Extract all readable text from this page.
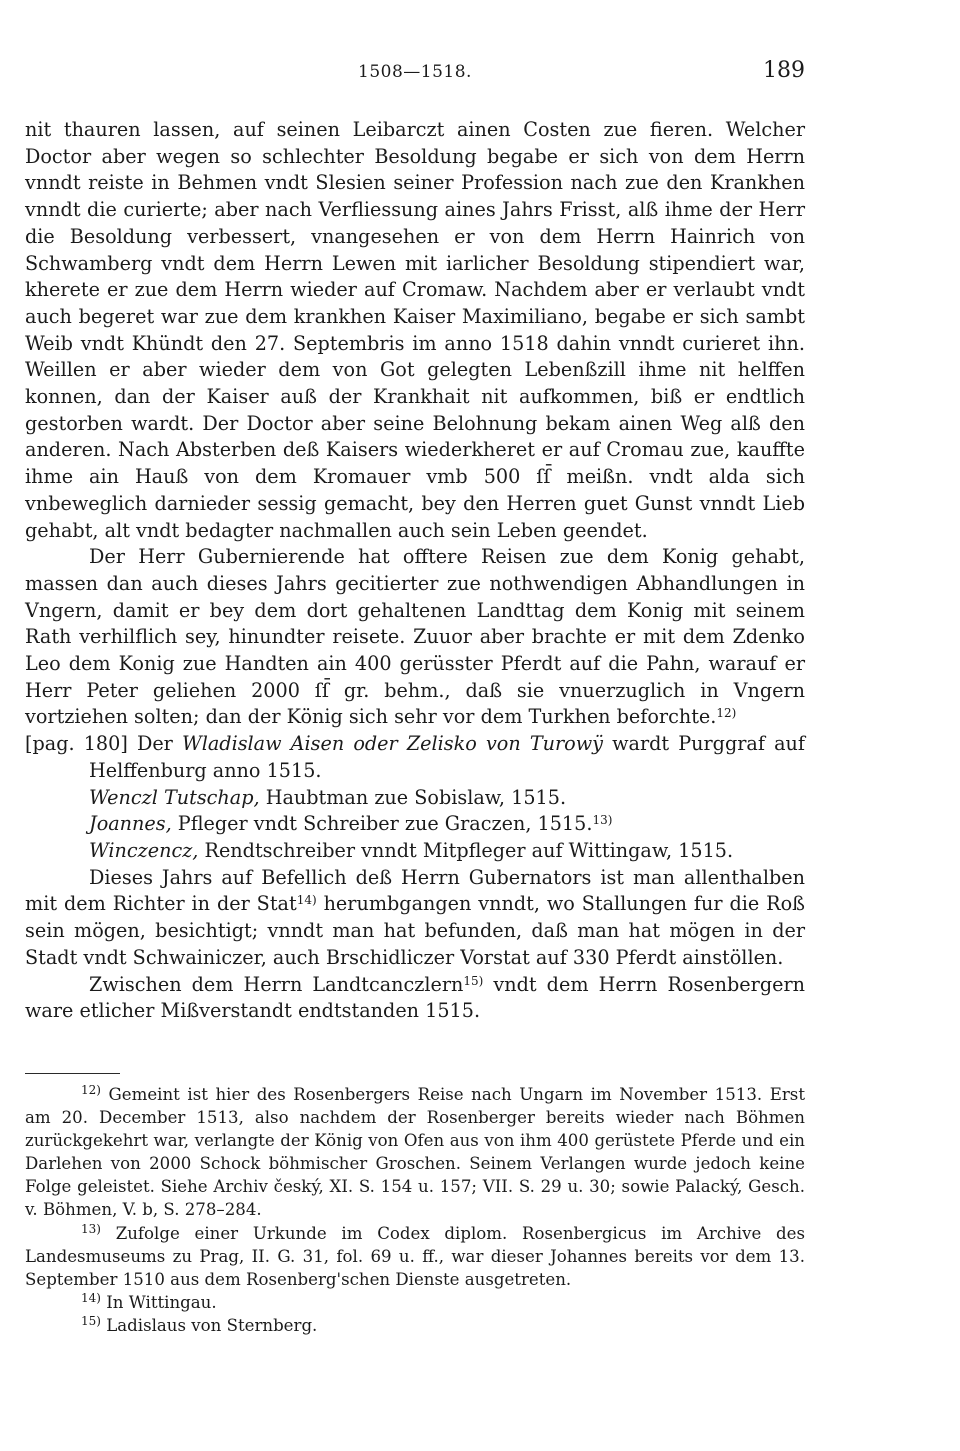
1508—1518.	189

nit thauren lassen, auf seinen Leibarczt ainen Costen zue fieren. Welcher Doctor aber wegen so schlechter Besoldung begabe er sich von dem Herrn vnndt reiste in Behmen vndt Slesien seiner Profession nach zue den Krankhen vnndt die curierte; aber nach Verfliessung aines Jahrs Frisst, alß ihme der Herr die Besoldung verbessert, vnangesehen er von dem Herrn Hainrich von Schwamberg vndt dem Herrn Lewen mit iarlicher Besoldung stipendiert war, kherete er zue dem Herrn wieder auf Cromaw. Nachdem aber er verlaubt vndt auch begeret war zue dem krankhen Kaiser Maximiliano, begabe er sich sambt Weib vndt Khündt den 27. Septembris im anno 1518 dahin vnndt curieret ihn. Weillen er aber wieder dem von Got gelegten Lebenßzill ihme nit helffen konnen, dan der Kaiser auß der Krankhait nit aufkommen, biß er endtlich gestorben wardt. Der Doctor aber seine Belohnung bekam ainen Weg alß den anderen. Nach Absterben deß Kaisers wiederkheret er auf Cromau zue, kauffte ihme ain Hauß von dem Kromauer vmb 500 ſſ̄ meißn. vndt alda sich vnbeweglich darnieder sessig gemacht, bey den Herren guet Gunst vnndt Lieb gehabt, alt vndt bedagter nachmallen auch sein Leben geendet.

Der Herr Gubernierende hat offtere Reisen zue dem Konig gehabt, massen dan auch dieses Jahrs gecitierter zue nothwendigen Abhandlungen in Vngern, damit er bey dem dort gehaltenen Landttag dem Konig mit seinem Rath verhilflich sey, hinundter reisete. Zuuor aber brachte er mit dem Zdenko Leo dem Konig zue Handten ain 400 gerüsster Pferdt auf die Pahn, warauf er Herr Peter geliehen 2000 ſſ̄ gr. behm., daß sie vnuerzuglich in Vngern vortziehen solten; dan der König sich sehr vor dem Turkhen beforchte.$^{12)}$

[pag. 180] Der Wladislaw Aisen oder Zelisko von Turowÿ wardt Purggraf auf Helffenburg anno 1515.

Wenczl Tutschap, Haubtman zue Sobislaw, 1515.

Joannes, Pfleger vndt Schreiber zue Graczen, 1515.$^{13)}$

Winczencz, Rendtschreiber vnndt Mitpfleger auf Wittingaw, 1515.

Dieses Jahrs auf Befellich deß Herrn Gubernators ist man allenthalben mit dem Richter in der Stat$^{14)}$ herumbgangen vnndt, wo Stallungen fur die Roß sein mögen, besichtigt; vnndt man hat befunden, daß man hat mögen in der Stadt vndt Schwainiczer, auch Brschidliczer Vorstat auf 330 Pferdt ainstöllen.

Zwischen dem Herrn Landtcanczlern$^{15)}$ vndt dem Herrn Rosenbergern ware etlicher Mißverstandt endtstanden 1515.

$^{12)}$ Gemeint ist hier des Rosenbergers Reise nach Ungarn im November 1513. Erst am 20. December 1513, also nachdem der Rosenberger bereits wieder nach Böhmen zurückgekehrt war, verlangte der König von Ofen aus von ihm 400 gerüstete Pferde und ein Darlehen von 2000 Schock böhmischer Groschen. Seinem Verlangen wurde jedoch keine Folge geleistet. Siehe Archiv český, XI. S. 154 u. 157; VII. S. 29 u. 30; sowie Palacký, Gesch. v. Böhmen, V. b, S. 278–284.

$^{13)}$ Zufolge einer Urkunde im Codex diplom. Rosenbergicus im Archive des Landesmuseums zu Prag, II. G. 31, fol. 69 u. ff., war dieser Johannes bereits vor dem 13. September 1510 aus dem Rosenberg'schen Dienste ausgetreten.

$^{14)}$ In Wittingau.

$^{15)}$ Ladislaus von Sternberg.
